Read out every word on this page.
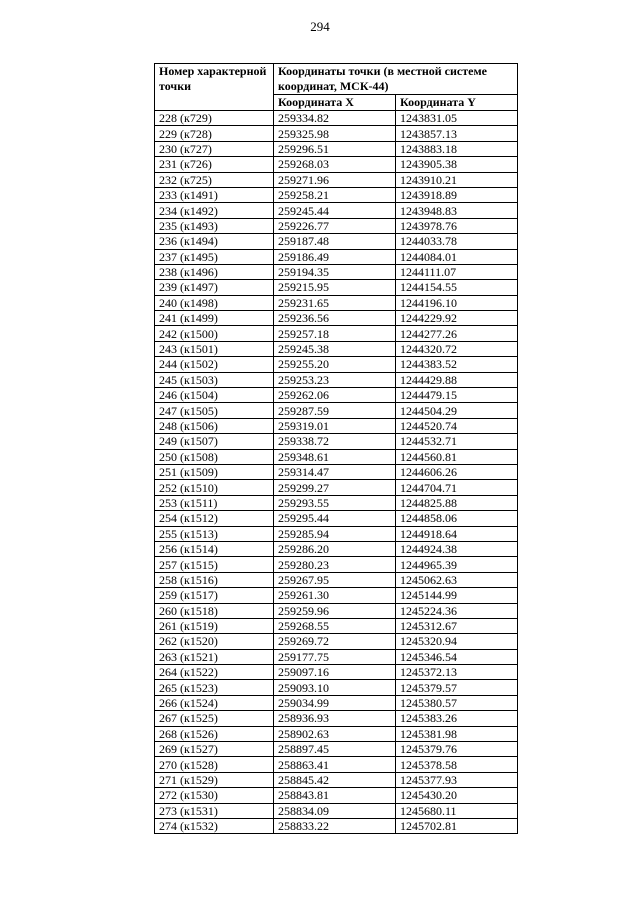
294
Номер характерной точки	Координаты точки (в местной системе координат, МСК-44)	
	Координата X	Координата Y
228 (к729)	259334.82	1243831.05
229 (к728)	259325.98	1243857.13
230 (к727)	259296.51	1243883.18
231 (к726)	259268.03	1243905.38
232 (к725)	259271.96	1243910.21
233 (к1491)	259258.21	1243918.89
234 (к1492)	259245.44	1243948.83
235 (к1493)	259226.77	1243978.76
236 (к1494)	259187.48	1244033.78
237 (к1495)	259186.49	1244084.01
238 (к1496)	259194.35	1244111.07
239 (к1497)	259215.95	1244154.55
240 (к1498)	259231.65	1244196.10
241 (к1499)	259236.56	1244229.92
242 (к1500)	259257.18	1244277.26
243 (к1501)	259245.38	1244320.72
244 (к1502)	259255.20	1244383.52
245 (к1503)	259253.23	1244429.88
246 (к1504)	259262.06	1244479.15
247 (к1505)	259287.59	1244504.29
248 (к1506)	259319.01	1244520.74
249 (к1507)	259338.72	1244532.71
250 (к1508)	259348.61	1244560.81
251 (к1509)	259314.47	1244606.26
252 (к1510)	259299.27	1244704.71
253 (к1511)	259293.55	1244825.88
254 (к1512)	259295.44	1244858.06
255 (к1513)	259285.94	1244918.64
256 (к1514)	259286.20	1244924.38
257 (к1515)	259280.23	1244965.39
258 (к1516)	259267.95	1245062.63
259 (к1517)	259261.30	1245144.99
260 (к1518)	259259.96	1245224.36
261 (к1519)	259268.55	1245312.67
262 (к1520)	259269.72	1245320.94
263 (к1521)	259177.75	1245346.54
264 (к1522)	259097.16	1245372.13
265 (к1523)	259093.10	1245379.57
266 (к1524)	259034.99	1245380.57
267 (к1525)	258936.93	1245383.26
268 (к1526)	258902.63	1245381.98
269 (к1527)	258897.45	1245379.76
270 (к1528)	258863.41	1245378.58
271 (к1529)	258845.42	1245377.93
272 (к1530)	258843.81	1245430.20
273 (к1531)	258834.09	1245680.11
274 (к1532)	258833.22	1245702.81
